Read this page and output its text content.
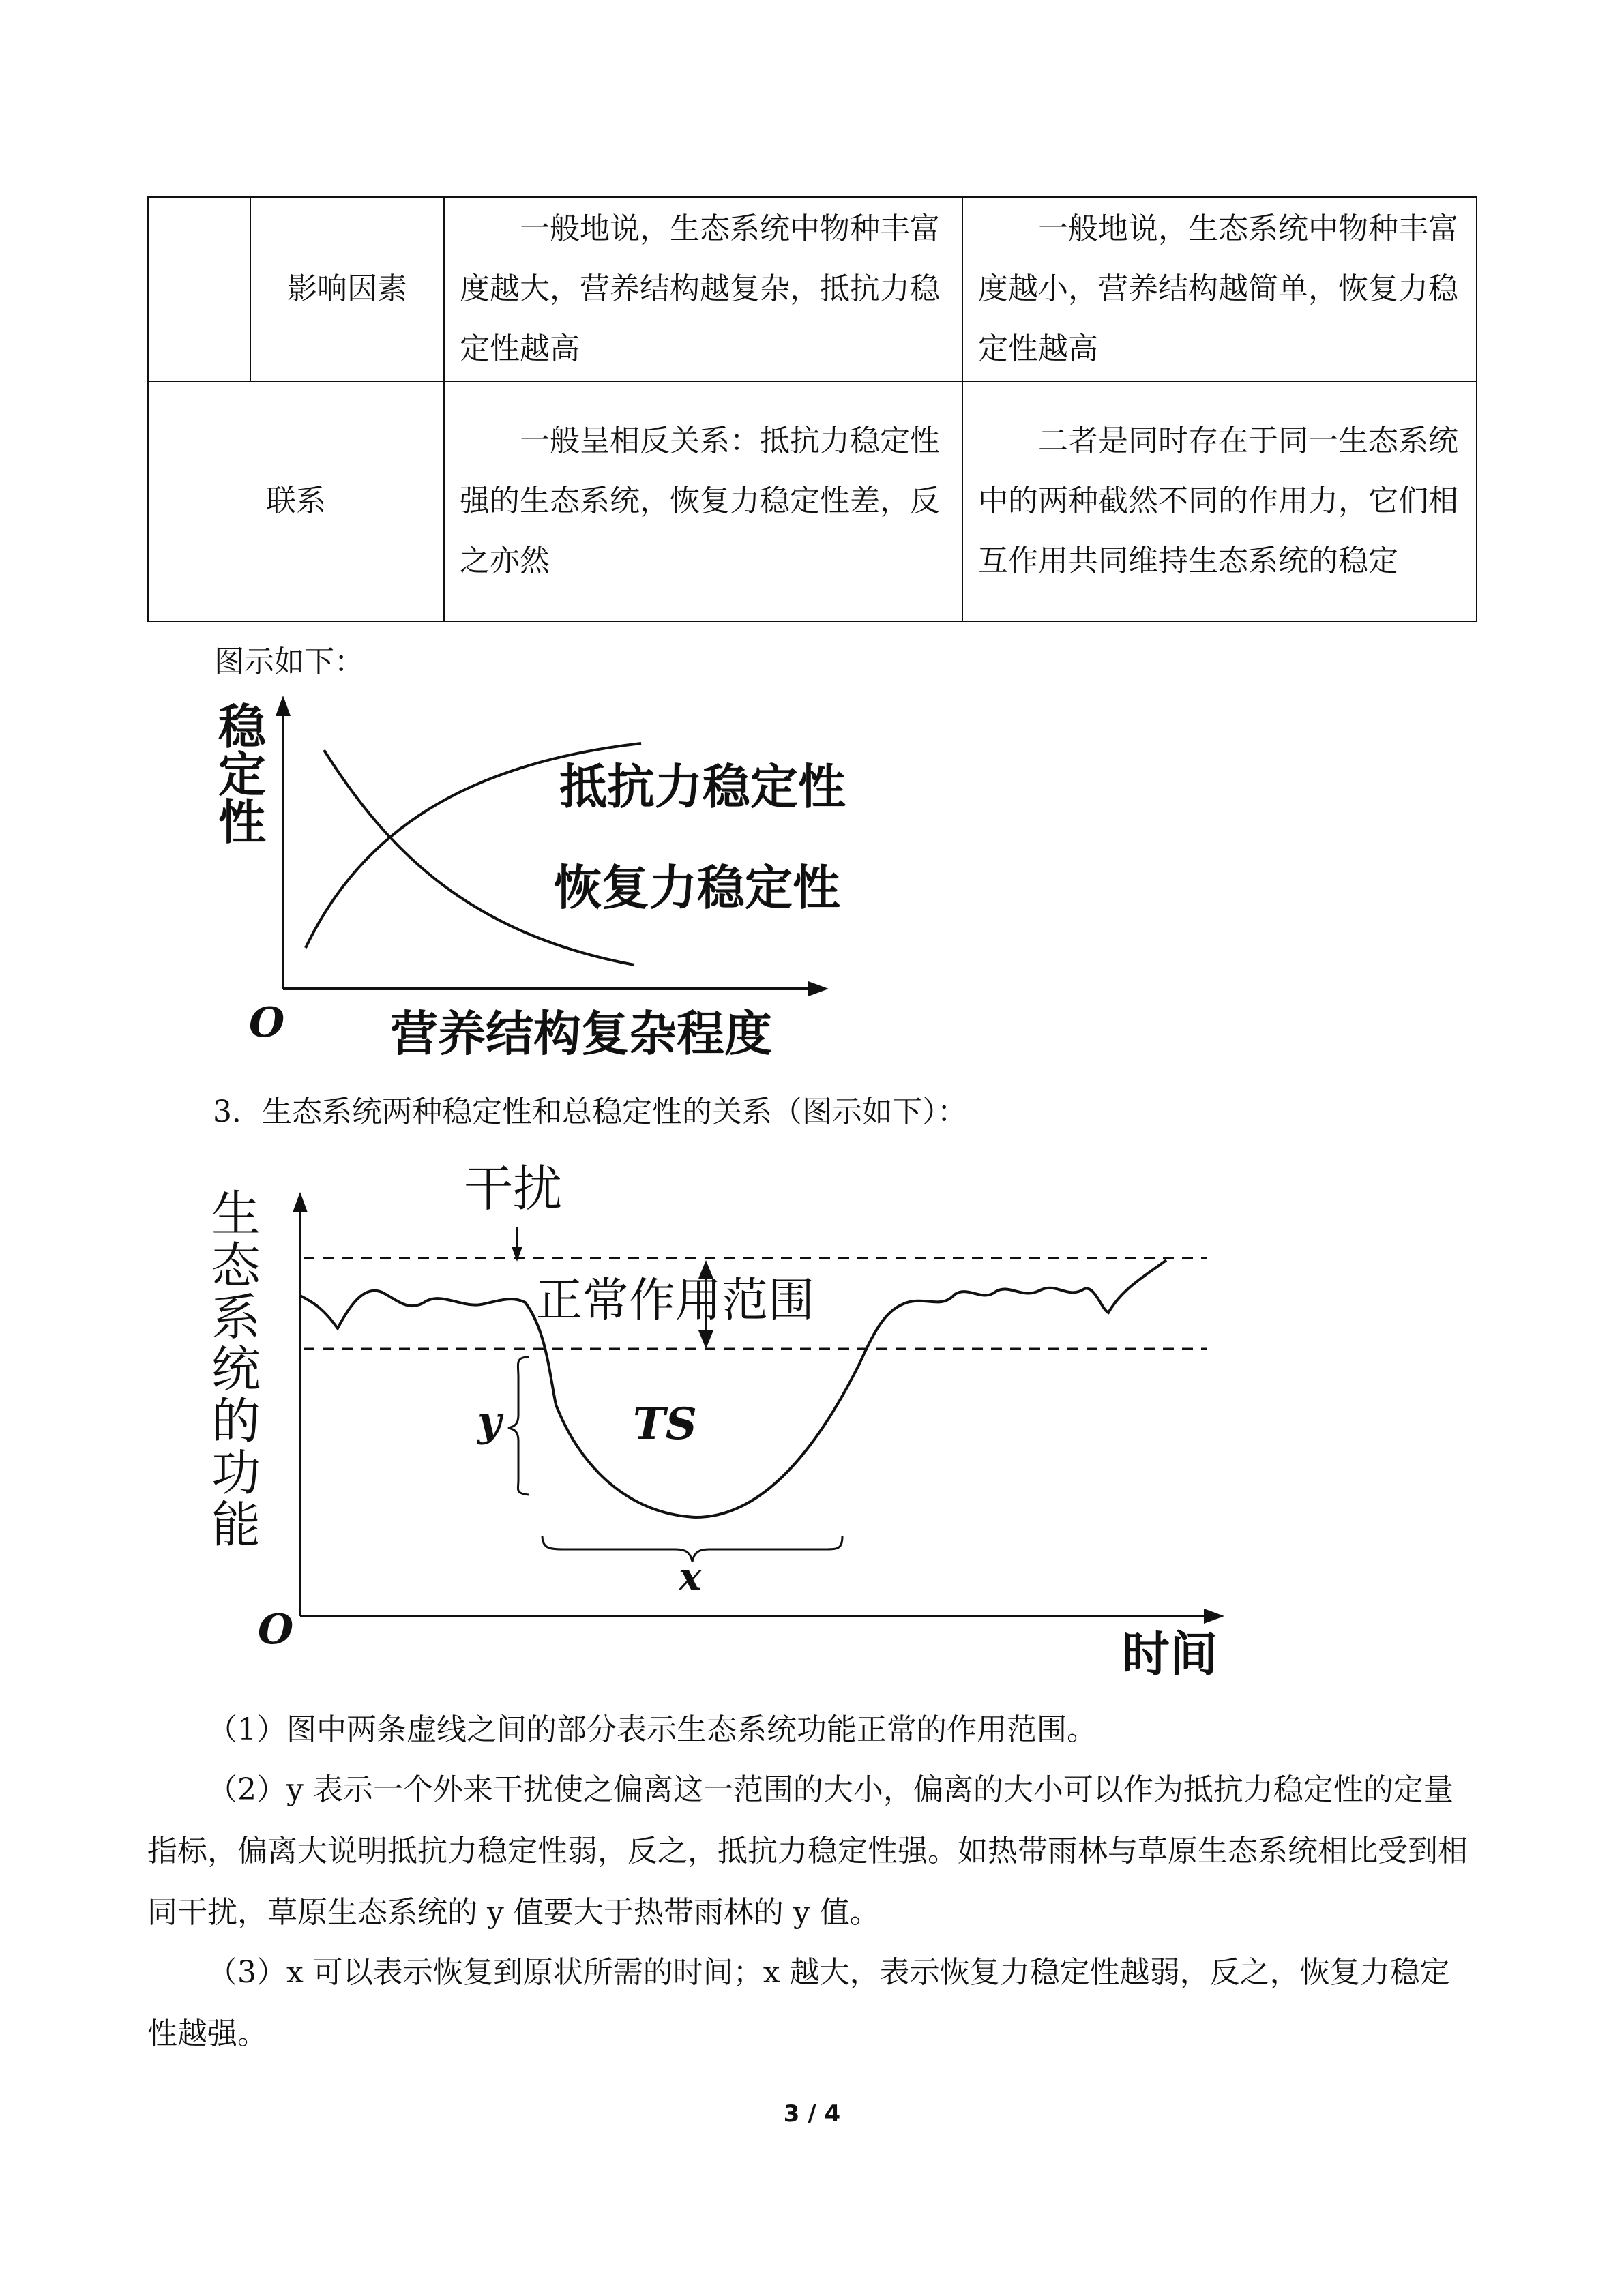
	影响因素	一般地说，生态系统中物种丰富度越大，营养结构越复杂，抵抗力稳定性越高	一般地说，生态系统中物种丰富度越小，营养结构越简单，恢复力稳定性越高
联系		一般呈相反关系：抵抗力稳定性强的生态系统，恢复力稳定性差，反之亦然	二者是同时存在于同一生态系统中的两种截然不同的作用力，它们相互作用共同维持生态系统的稳定
图示如下：
稳
定
性
O 营养结构复杂程度
抵抗力稳定性
恢复力稳定性
3．生态系统两种稳定性和总稳定性的关系（图示如下）：
生
态
系
统
的
功
能
干扰
正常作用范围
TS
y
x
O	时间
（1）图中两条虚线之间的部分表示生态系统功能正常的作用范围。
（2）y 表示一个外来干扰使之偏离这一范围的大小，偏离的大小可以作为抵抗力稳定性的定量指标，偏离大说明抵抗力稳定性弱，反之，抵抗力稳定性强。如热带雨林与草原生态系统相比受到相同干扰，草原生态系统的 y 值要大于热带雨林的 y 值。
（3）x 可以表示恢复到原状所需的时间；x 越大，表示恢复力稳定性越弱，反之，恢复力稳定性越强。
3 / 4
